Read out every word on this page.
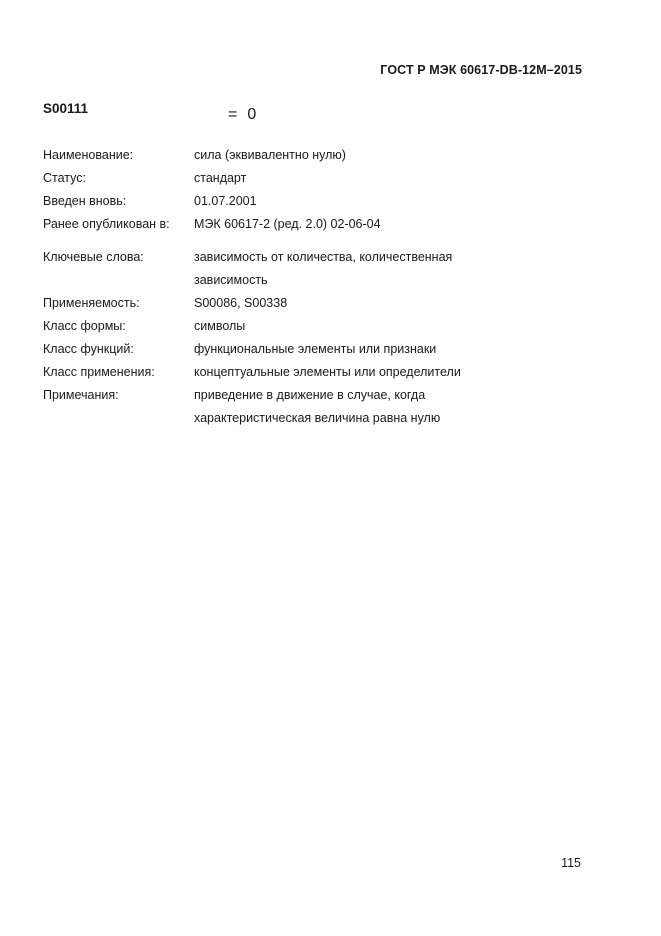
ГОСТ Р МЭК 60617-DB-12M–2015
S00111	= 0
Наименование:	сила (эквивалентно нулю)
Статус:	стандарт
Введен вновь:	01.07.2001
Ранее опубликован в:	МЭК 60617-2 (ред. 2.0) 02-06-04
Ключевые слова:	зависимость от количества, количественная
зависимость
Применяемость:	S00086, S00338
Класс формы:	символы
Класс функций:	функциональные элементы или признаки
Класс применения:	концептуальные элементы или определители
Примечания:	приведение в движение в случае, когда
характеристическая величина равна нулю
115
